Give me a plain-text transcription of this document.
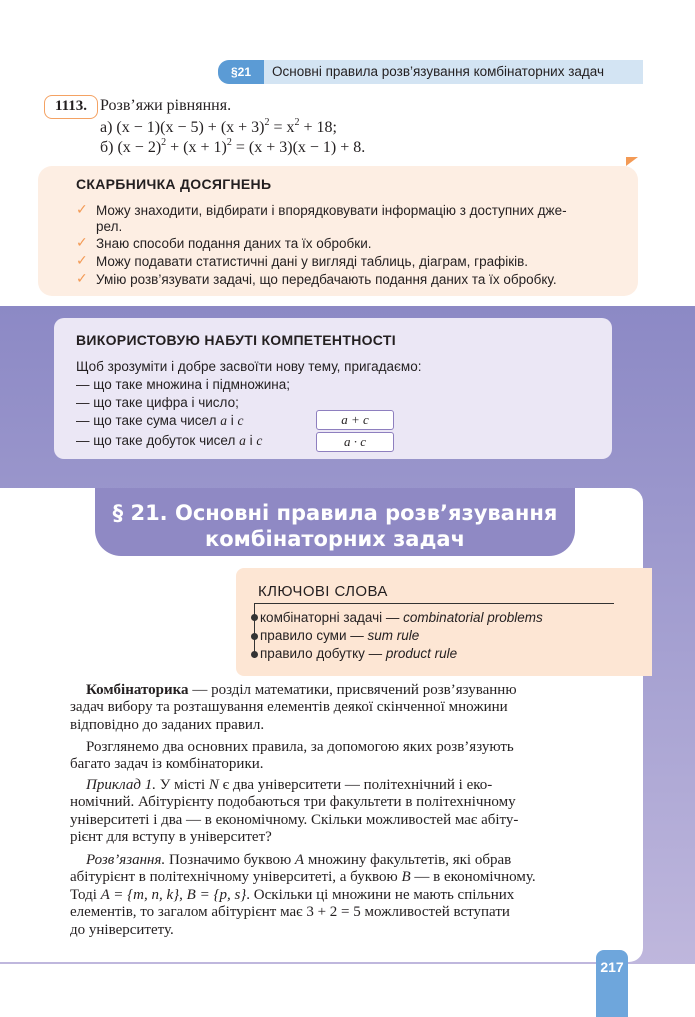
§21	Основні правила розв’язування комбінаторних задач
1113. Розв’яжи рівняння.
а) $(x - 1)(x - 5) + (x + 3)^2 = x^2 + 18$;
б) $(x - 2)^2 + (x + 1)^2 = (x + 3)(x - 1) + 8$.
СКАРБНИЧКА ДОСЯГНЕНЬ
✓ Можу знаходити, відбирати і впорядковувати інформацію з доступних дже-
рел.
✓ Знаю способи подання даних та їх обробки.
✓ Можу подавати статистичні дані у вигляді таблиць, діаграм, графіків.
✓ Умію розв’язувати задачі, що передбачають подання даних та їх обробку.
ВИКОРИСТОВУЮ НАБУТІ КОМПЕТЕНТНОСТІ
Щоб зрозуміти і добре засвоїти нову тему, пригадаємо:
— що таке множина і підмножина;
— що таке цифра і число;
— що таке сума чисел a і c	a + c
— що таке добуток чисел a і c	a · c
§ 21. Основні правила розв’язування
комбінаторних задач
КЛЮЧОВІ СЛОВА
комбінаторні задачі — combinatorial problems
правило суми — sum rule
правило добутку — product rule
Комбінаторика — розділ математики, присвячений розв’язуванню
задач вибору та розташування елементів деякої скінченної множини
відповідно до заданих правил.
Розглянемо два основних правила, за допомогою яких розв’язують
багато задач із комбінаторики.
Приклад 1. У місті N є два університети — політехнічний і еко-
номічний. Абітурієнту подобаються три факультети в політехнічному
університеті і два — в економічному. Скільки можливостей має абіту-
рієнт для вступу в університет?
Розв’язання. Позначимо буквою A множину факультетів, які обрав
абітурієнт в політехнічному університеті, а буквою B — в економічному.
Тоді A = {m, n, k}, B = {p, s}. Оскільки ці множини не мають спільних
елементів, то загалом абітурієнт має 3 + 2 = 5 можливостей вступати
до університету.
217
